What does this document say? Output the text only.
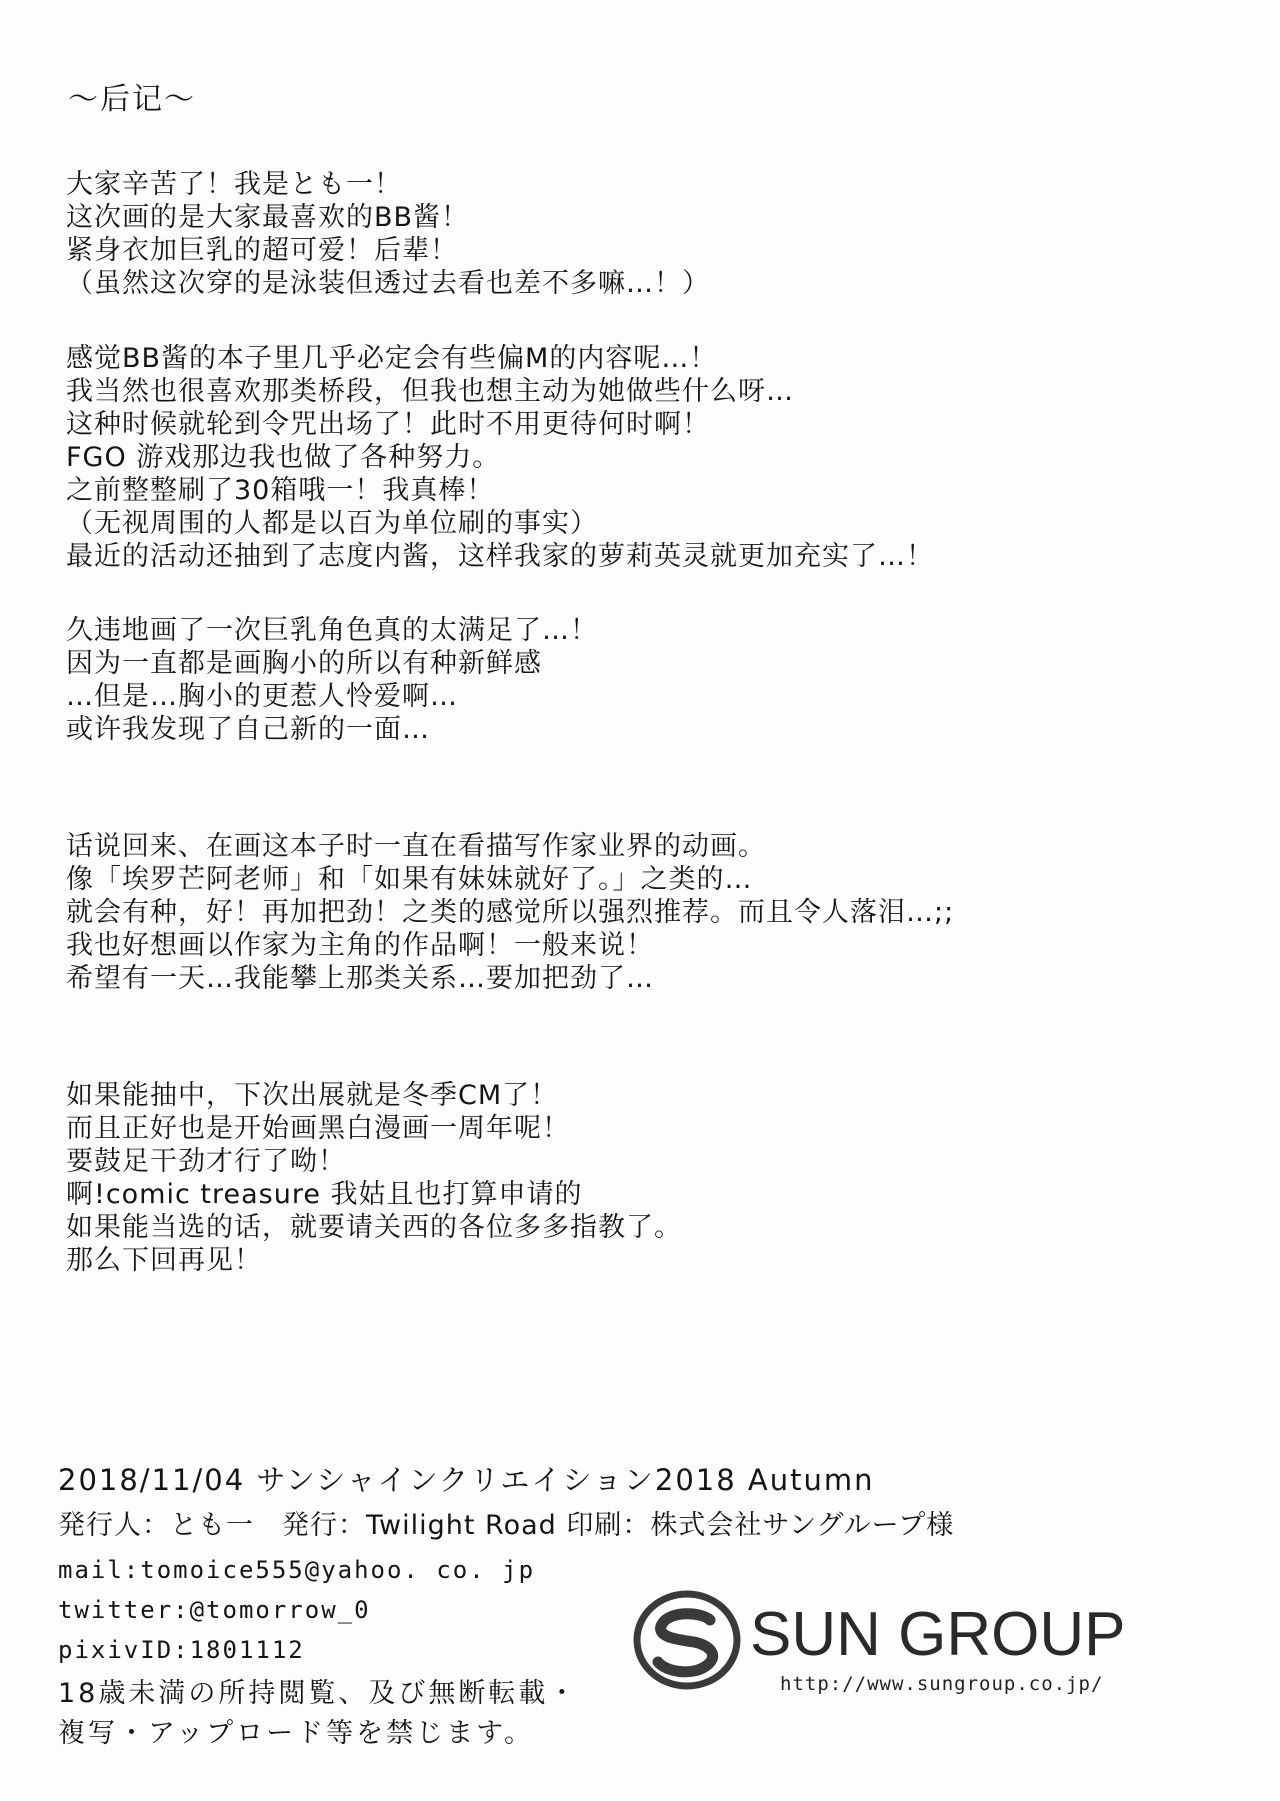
～后记～

大家辛苦了！我是とも一！

这次画的是大家最喜欢的BB酱！

紧身衣加巨乳的超可爱！后辈！

（虽然这次穿的是泳装但透过去看也差不多嘛…！）

感觉BB酱的本子里几乎必定会有些偏M的内容呢…！

我当然也很喜欢那类桥段，但我也想主动为她做些什么呀…

这种时候就轮到令咒出场了！此时不用更待何时啊！

FGO 游戏那边我也做了各种努力。

之前整整刷了30箱哦一！我真棒！

（无视周围的人都是以百为单位刷的事实）

最近的活动还抽到了志度内酱，这样我家的萝莉英灵就更加充实了…！

久违地画了一次巨乳角色真的太满足了…！

因为一直都是画胸小的所以有种新鲜感

…但是…胸小的更惹人怜爱啊…

或许我发现了自己新的一面…

话说回来、在画这本子时一直在看描写作家业界的动画。

像「埃罗芒阿老师」和「如果有妹妹就好了。」之类的…

就会有种，好！再加把劲！之类的感觉所以强烈推荐。而且令人落泪…;;

我也好想画以作家为主角的作品啊！一般来说！

希望有一天…我能攀上那类关系…要加把劲了…

如果能抽中，下次出展就是冬季CM了！

而且正好也是开始画黑白漫画一周年呢！

要鼓足干劲才行了呦！

啊!comic treasure 我姑且也打算申请的

如果能当选的话，就要请关西的各位多多指教了。

那么下回再见！

2018/11/04 サンシャインクリエイション2018 Autumn
発行人：とも一　発行：Twilight Road 印刷：株式会社サングループ様
mail:tomoice555@yahoo. co. jp
twitter:@tomorrow_0
pixivID:1801112
18歳未満の所持閲覧、及び無断転載・
複写・アップロード等を禁じます。
SUN GROUP
http://www.sungroup.co.jp/
